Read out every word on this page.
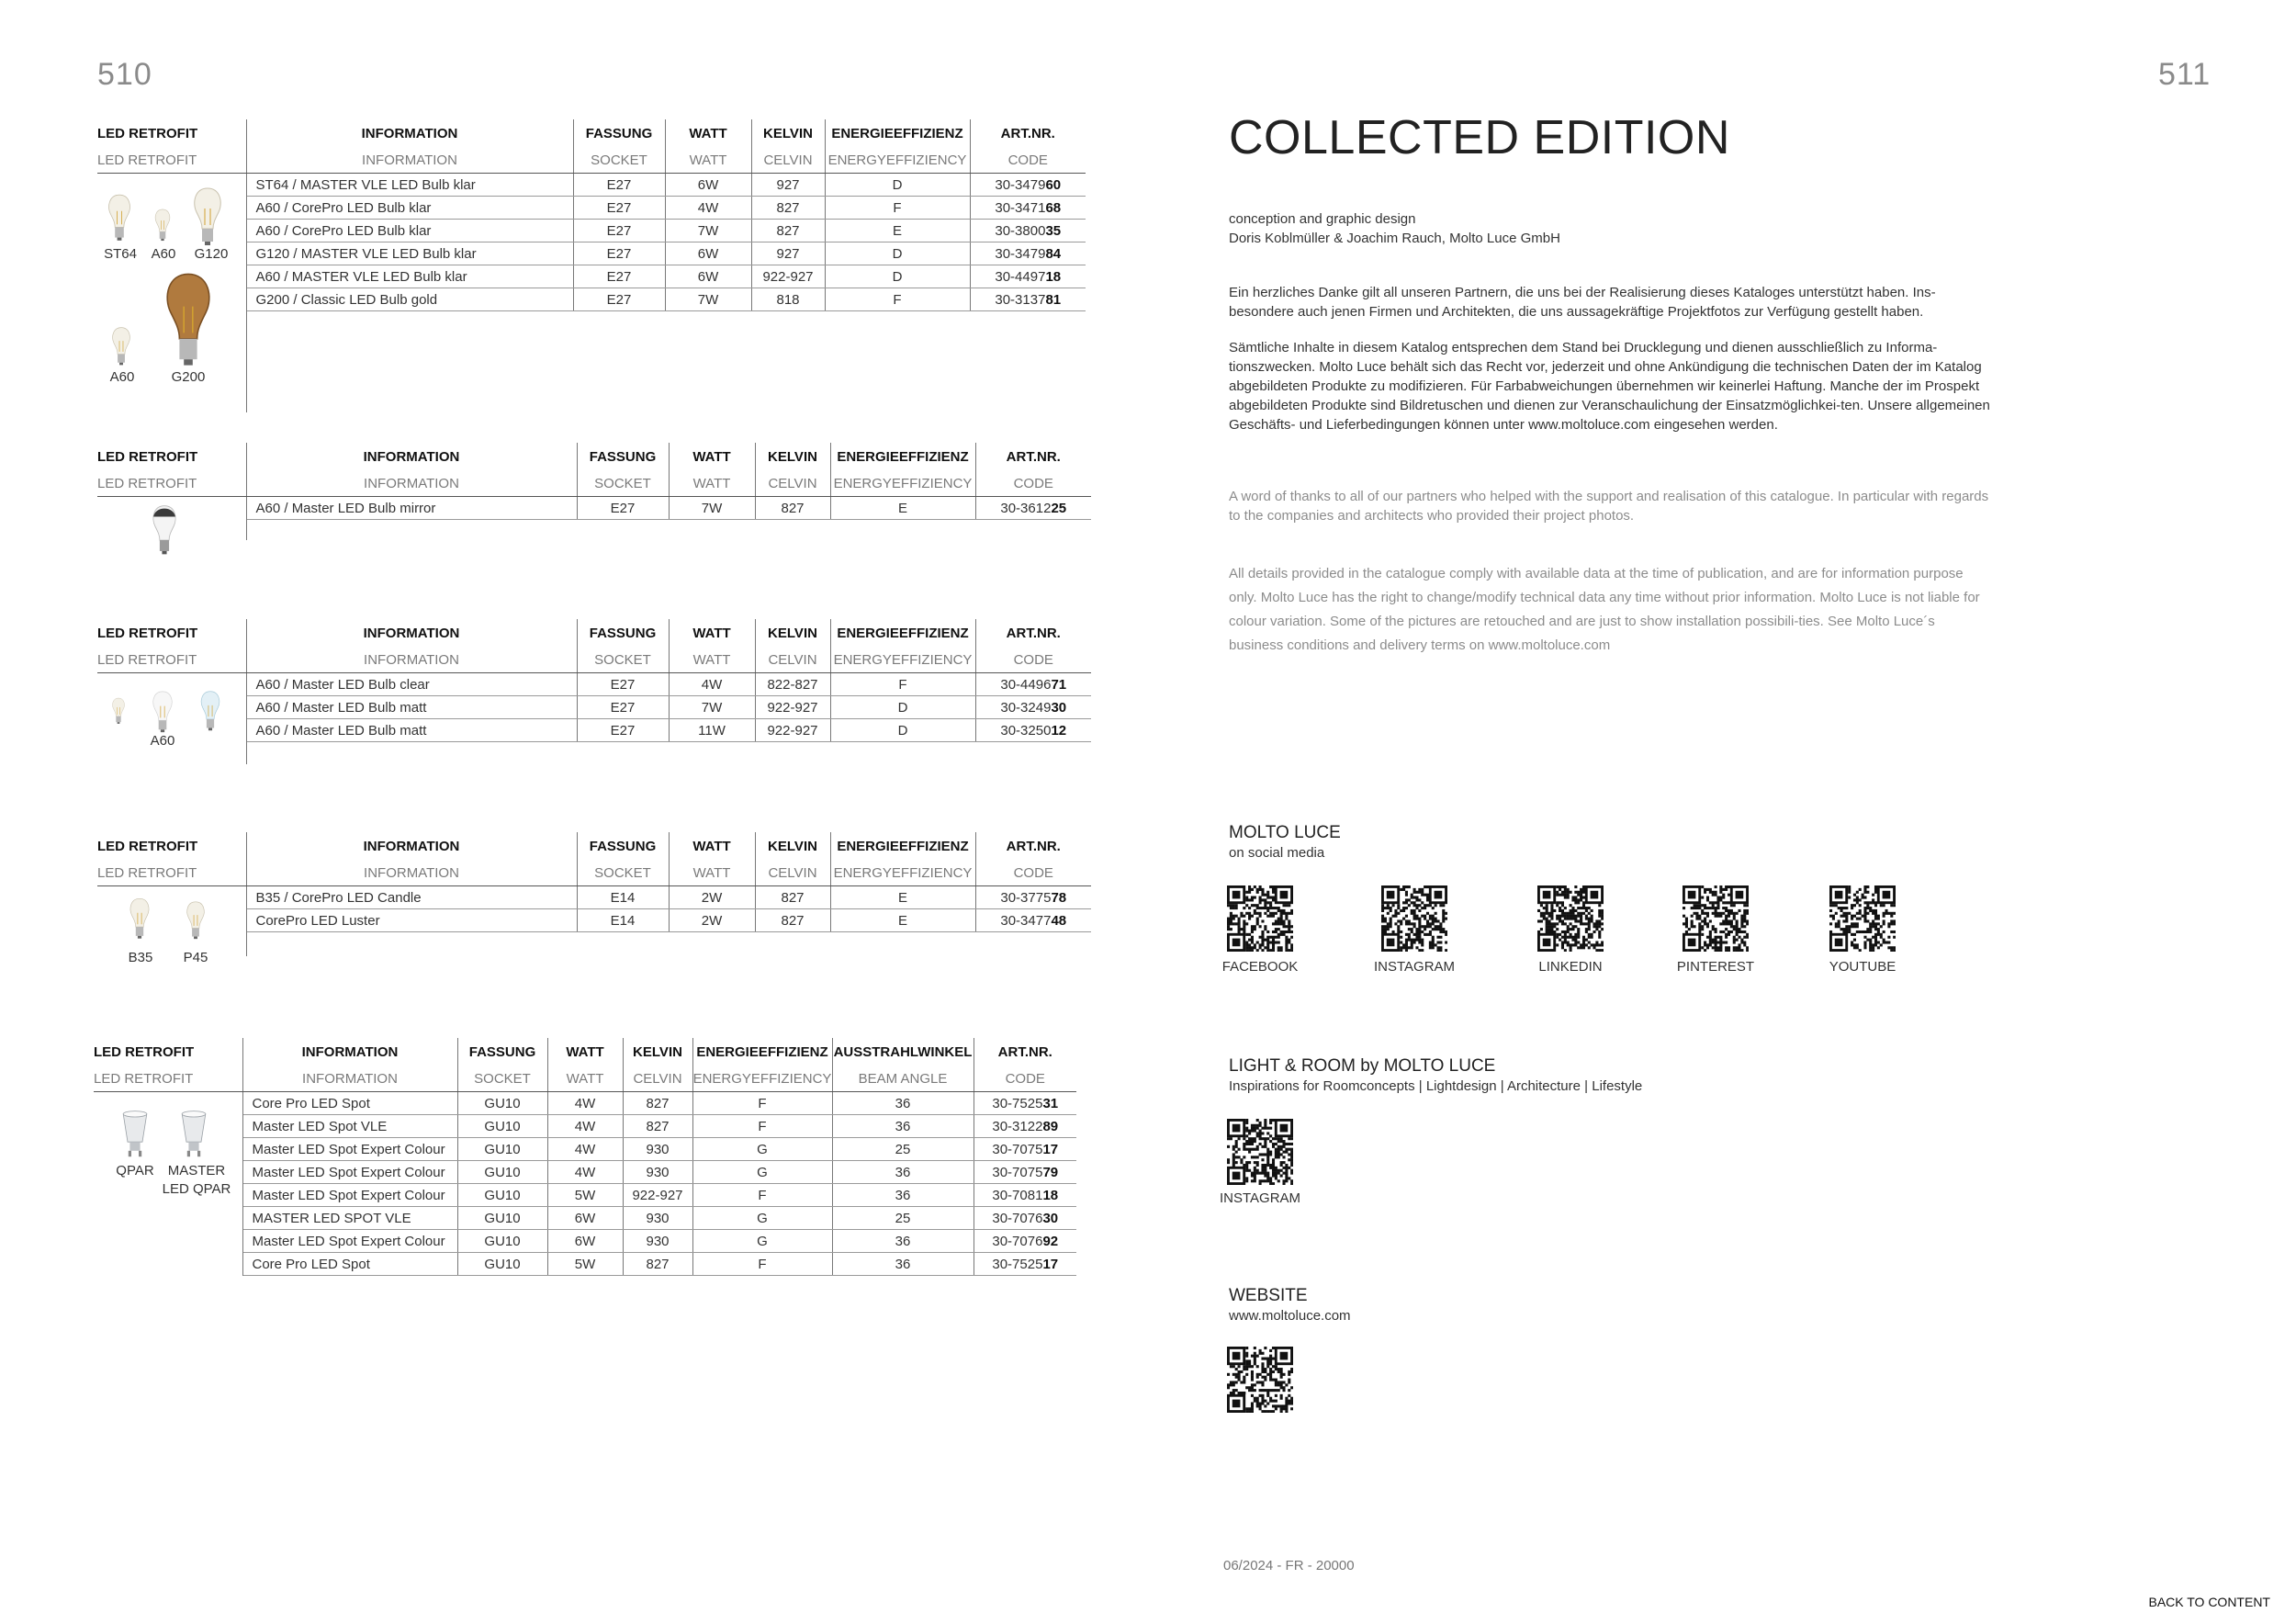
510	511
LED RETROFIT	INFORMATION	FASSUNG	WATT	KELVIN	ENERGIEEFFIZIENZ	ART.NR.
LED RETROFIT	INFORMATION	SOCKET	WATT	CELVIN	ENERGYEFFIZIENCY	CODE
	ST64 / MASTER VLE LED Bulb klar	E27	6W	927	D	30-347960
	A60 / CorePro LED Bulb klar	E27	4W	827	F	30-347168
	A60 / CorePro LED Bulb klar	E27	7W	827	E	30-380035
	G120 / MASTER VLE LED Bulb klar	E27	6W	927	D	30-347984
	A60 / MASTER VLE LED Bulb klar	E27	6W	922-927	D	30-449718
	G200 / Classic LED Bulb gold	E27	7W	818	F	30-313781

LED RETROFIT	INFORMATION	FASSUNG	WATT	KELVIN	ENERGIEEFFIZIENZ	ART.NR.
LED RETROFIT	INFORMATION	SOCKET	WATT	CELVIN	ENERGYEFFIZIENCY	CODE
	A60 / Master LED Bulb mirror	E27	7W	827	E	30-361225

LED RETROFIT	INFORMATION	FASSUNG	WATT	KELVIN	ENERGIEEFFIZIENZ	ART.NR.
LED RETROFIT	INFORMATION	SOCKET	WATT	CELVIN	ENERGYEFFIZIENCY	CODE
	A60 / Master LED Bulb clear	E27	4W	822-827	F	30-449671
	A60 / Master LED Bulb matt	E27	7W	922-927	D	30-324930
	A60 / Master LED Bulb matt	E27	11W	922-927	D	30-325012

LED RETROFIT	INFORMATION	FASSUNG	WATT	KELVIN	ENERGIEEFFIZIENZ	ART.NR.
LED RETROFIT	INFORMATION	SOCKET	WATT	CELVIN	ENERGYEFFIZIENCY	CODE
	B35 / CorePro LED Candle	E14	2W	827	E	30-377578
	CorePro LED Luster	E14	2W	827	E	30-347748

LED RETROFIT	INFORMATION	FASSUNG	WATT	KELVIN	ENERGIEEFFIZIENZ	AUSSTRAHLWINKEL	ART.NR.
LED RETROFIT	INFORMATION	SOCKET	WATT	CELVIN	ENERGYEFFIZIENCY	BEAM ANGLE	CODE
	Core Pro LED Spot	GU10	4W	827	F	36	30-752531
	Master LED Spot VLE	GU10	4W	827	F	36	30-312289
	Master LED Spot Expert Colour	GU10	4W	930	G	25	30-707517
	Master LED Spot Expert Colour	GU10	4W	930	G	36	30-707579
	Master LED Spot Expert Colour	GU10	5W	922-927	F	36	30-708118
	MASTER LED SPOT VLE	GU10	6W	930	G	25	30-707630
	Master LED Spot Expert Colour	GU10	6W	930	G	36	30-707692
	Core Pro LED Spot	GU10	5W	827	F	36	30-752517

COLLECTED EDITION
conception and graphic design
Doris Koblmüller & Joachim Rauch, Molto Luce GmbH
Ein herzliches Danke gilt all unseren Partnern, die uns bei der Realisierung dieses Kataloges unterstützt haben. Ins-besondere auch jenen Firmen und Architekten, die uns aussagekräftige Projektfotos zur Verfügung gestellt haben.
Sämtliche Inhalte in diesem Katalog entsprechen dem Stand bei Drucklegung und dienen ausschließlich zu Informa-tionszwecken. Molto Luce behält sich das Recht vor, jederzeit und ohne Ankündigung die technischen Daten der im Katalog abgebildeten Produkte zu modifizieren. Für Farbabweichungen übernehmen wir keinerlei Haftung. Manche der im Prospekt abgebildeten Produkte sind Bildretuschen und dienen zur Veranschaulichung der Einsatzmöglichkei-ten. Unsere allgemeinen Geschäfts- und Lieferbedingungen können unter www.moltoluce.com eingesehen werden.
A word of thanks to all of our partners who helped with the support and realisation of this catalogue. In particular with regards to the companies and architects who provided their project photos.
All details provided in the catalogue comply with available data at the time of publication, and are for information purpose only. Molto Luce has the right to change/modify technical data any time without prior information. Molto Luce is not liable for colour variation. Some of the pictures are retouched and are just to show installation possibili-ties. See Molto Luce´s business conditions and delivery terms on www.moltoluce.com
MOLTO LUCE
on social media
FACEBOOK	INSTAGRAM	LINKEDIN	PINTEREST	YOUTUBE
LIGHT & ROOM by MOLTO LUCE
Inspirations for Roomconcepts | Lightdesign | Architecture | Lifestyle
INSTAGRAM
WEBSITE
www.moltoluce.com
06/2024 - FR - 20000
BACK TO CONTENT
ST64	A60	G120
A60	G200
A60
B35	P45
QPAR MASTER
LED QPAR
